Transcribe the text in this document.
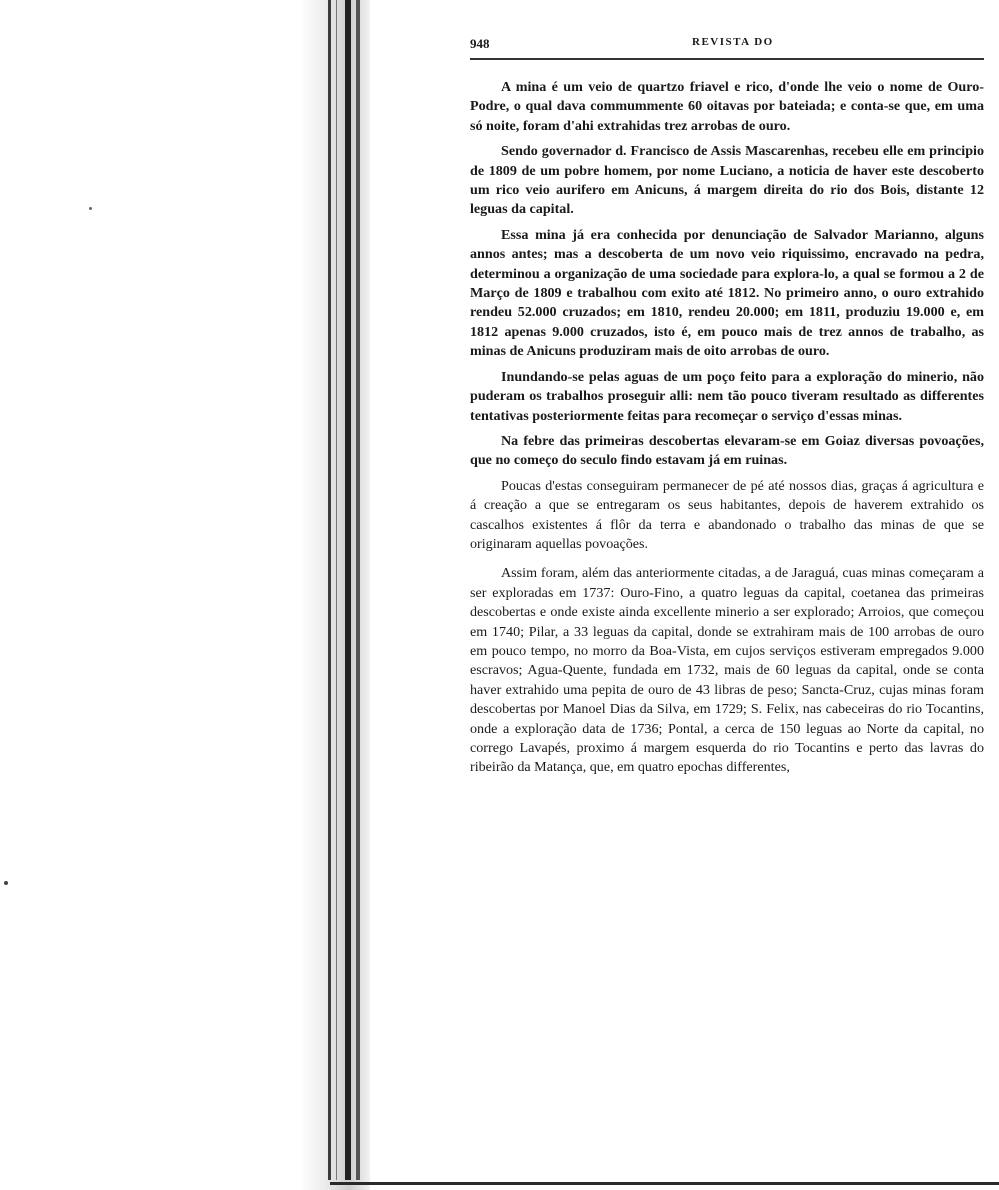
948	REVISTA DO

A mina é um veio de quartzo friavel e rico, d'onde lhe veio o nome de Ouro-Podre, o qual dava commummente 60 oitavas por bateiada; e conta-se que, em uma só noite, foram d'ahi extrahidas trez arrobas de ouro.

Sendo governador d. Francisco de Assis Mascarenhas, recebeu elle em principio de 1809 de um pobre homem, por nome Luciano, a noticia de haver este descoberto um rico veio aurifero em Anicuns, á margem direita do rio dos Bois, distante 12 leguas da capital.

Essa mina já era conhecida por denunciação de Salvador Marianno, alguns annos antes; mas a descoberta de um novo veio riquissimo, encravado na pedra, determinou a organização de uma sociedade para explora-lo, a qual se formou a 2 de Março de 1809 e trabalhou com exito até 1812. No primeiro anno, o ouro extrahido rendeu 52.000 cruzados; em 1810, rendeu 20.000; em 1811, produziu 19.000 e, em 1812 apenas 9.000 cruzados, isto é, em pouco mais de trez annos de trabalho, as minas de Anicuns produziram mais de oito arrobas de ouro.

Inundando-se pelas aguas de um poço feito para a exploração do minerio, não puderam os trabalhos proseguir alli: nem tão pouco tiveram resultado as differentes tentativas posteriormente feitas para recomeçar o serviço d'essas minas.

Na febre das primeiras descobertas elevaram-se em Goiaz diversas povoações, que no começo do seculo findo estavam já em ruinas.

Poucas d'estas conseguiram permanecer de pé até nossos dias, graças á agricultura e á creação a que se entregaram os seus habitantes, depois de haverem extrahido os cascalhos existentes á flôr da terra e abandonado o trabalho das minas de que se originaram aquellas povoações.

Assim foram, além das anteriormente citadas, a de Jaraguá, cuas minas começaram a ser exploradas em 1737: Ouro-Fino, a quatro leguas da capital, coetanea das primeiras descobertas e onde existe ainda excellente minerio a ser explorado; Arroios, que começou em 1740; Pilar, a 33 leguas da capital, donde se extrahiram mais de 100 arrobas de ouro em pouco tempo, no morro da Boa-Vista, em cujos serviços estiveram empregados 9.000 escravos; Agua-Quente, fundada em 1732, mais de 60 leguas da capital, onde se conta haver extrahido uma pepita de ouro de 43 libras de peso; Sancta-Cruz, cujas minas foram descobertas por Manoel Dias da Silva, em 1729; S. Felix, nas cabeceiras do rio Tocantins, onde a exploração data de 1736; Pontal, a cerca de 150 leguas ao Norte da capital, no corrego Lavapés, proximo á margem esquerda do rio Tocantins e perto das lavras do ribeirão da Matança, que, em quatro epochas differentes,
